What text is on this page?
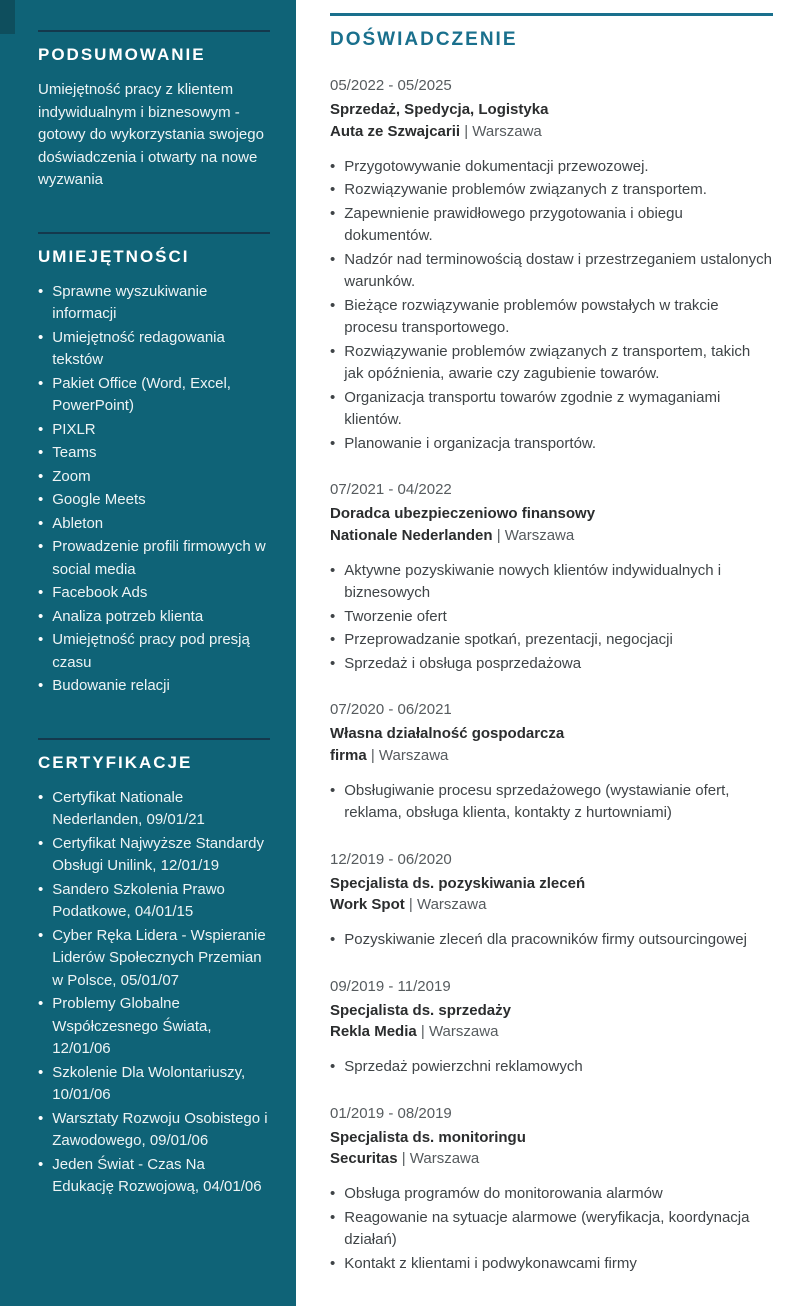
PODSUMOWANIE

Umiejętność pracy z klientem indywidualnym i biznesowym - gotowy do wykorzystania swojego doświadczenia i otwarty na nowe wyzwania

UMIEJĘTNOŚCI
• Sprawne wyszukiwanie informacji
• Umiejętność redagowania tekstów
• Pakiet Office (Word, Excel, PowerPoint)
• PIXLR
• Teams
• Zoom
• Google Meets
• Ableton
• Prowadzenie profili firmowych w social media
• Facebook Ads
• Analiza potrzeb klienta
• Umiejętność pracy pod presją czasu
• Budowanie relacji
CERTYFIKACJE
• Certyfikat Nationale Nederlanden, 09/01/21
• Certyfikat Najwyższe Standardy Obsługi Unilink, 12/01/19
• Sandero Szkolenia Prawo Podatkowe, 04/01/15
• Cyber Ręka Lidera - Wspieranie Liderów Społecznych Przemian w Polsce, 05/01/07
• Problemy Globalne Współczesnego Świata, 12/01/06
• Szkolenie Dla Wolontariuszy, 10/01/06
• Warsztaty Rozwoju Osobistego i Zawodowego, 09/01/06
• Jeden Świat - Czas Na Edukację Rozwojową, 04/01/06
DOŚWIADCZENIE
05/2022 - 05/2025
Sprzedaż, Spedycja, Logistyka
Auta ze Szwajcarii | Warszawa
• Przygotowywanie dokumentacji przewozowej.
• Rozwiązywanie problemów związanych z transportem.
• Zapewnienie prawidłowego przygotowania i obiegu dokumentów.
• Nadzór nad terminowością dostaw i przestrzeganiem ustalonych warunków.
• Bieżące rozwiązywanie problemów powstałych w trakcie procesu transportowego.
• Rozwiązywanie problemów związanych z transportem, takich jak opóźnienia, awarie czy zagubienie towarów.
• Organizacja transportu towarów zgodnie z wymaganiami klientów.
• Planowanie i organizacja transportów.
07/2021 - 04/2022
Doradca ubezpieczeniowo finansowy
Nationale Nederlanden | Warszawa
• Aktywne pozyskiwanie nowych klientów indywidualnych i biznesowych
• Tworzenie ofert
• Przeprowadzanie spotkań, prezentacji, negocjacji
• Sprzedaż i obsługa posprzedażowa
07/2020 - 06/2021
Własna działalność gospodarcza
firma | Warszawa
• Obsługiwanie procesu sprzedażowego (wystawianie ofert, reklama, obsługa klienta, kontakty z hurtowniami)
12/2019 - 06/2020
Specjalista ds. pozyskiwania zleceń
Work Spot | Warszawa
• Pozyskiwanie zleceń dla pracowników firmy outsourcingowej
09/2019 - 11/2019
Specjalista ds. sprzedaży
Rekla Media | Warszawa
• Sprzedaż powierzchni reklamowych
01/2019 - 08/2019
Specjalista ds. monitoringu
Securitas | Warszawa
• Obsługa programów do monitorowania alarmów
• Reagowanie na sytuacje alarmowe (weryfikacja, koordynacja działań)
• Kontakt z klientami i podwykonawcami firmy
